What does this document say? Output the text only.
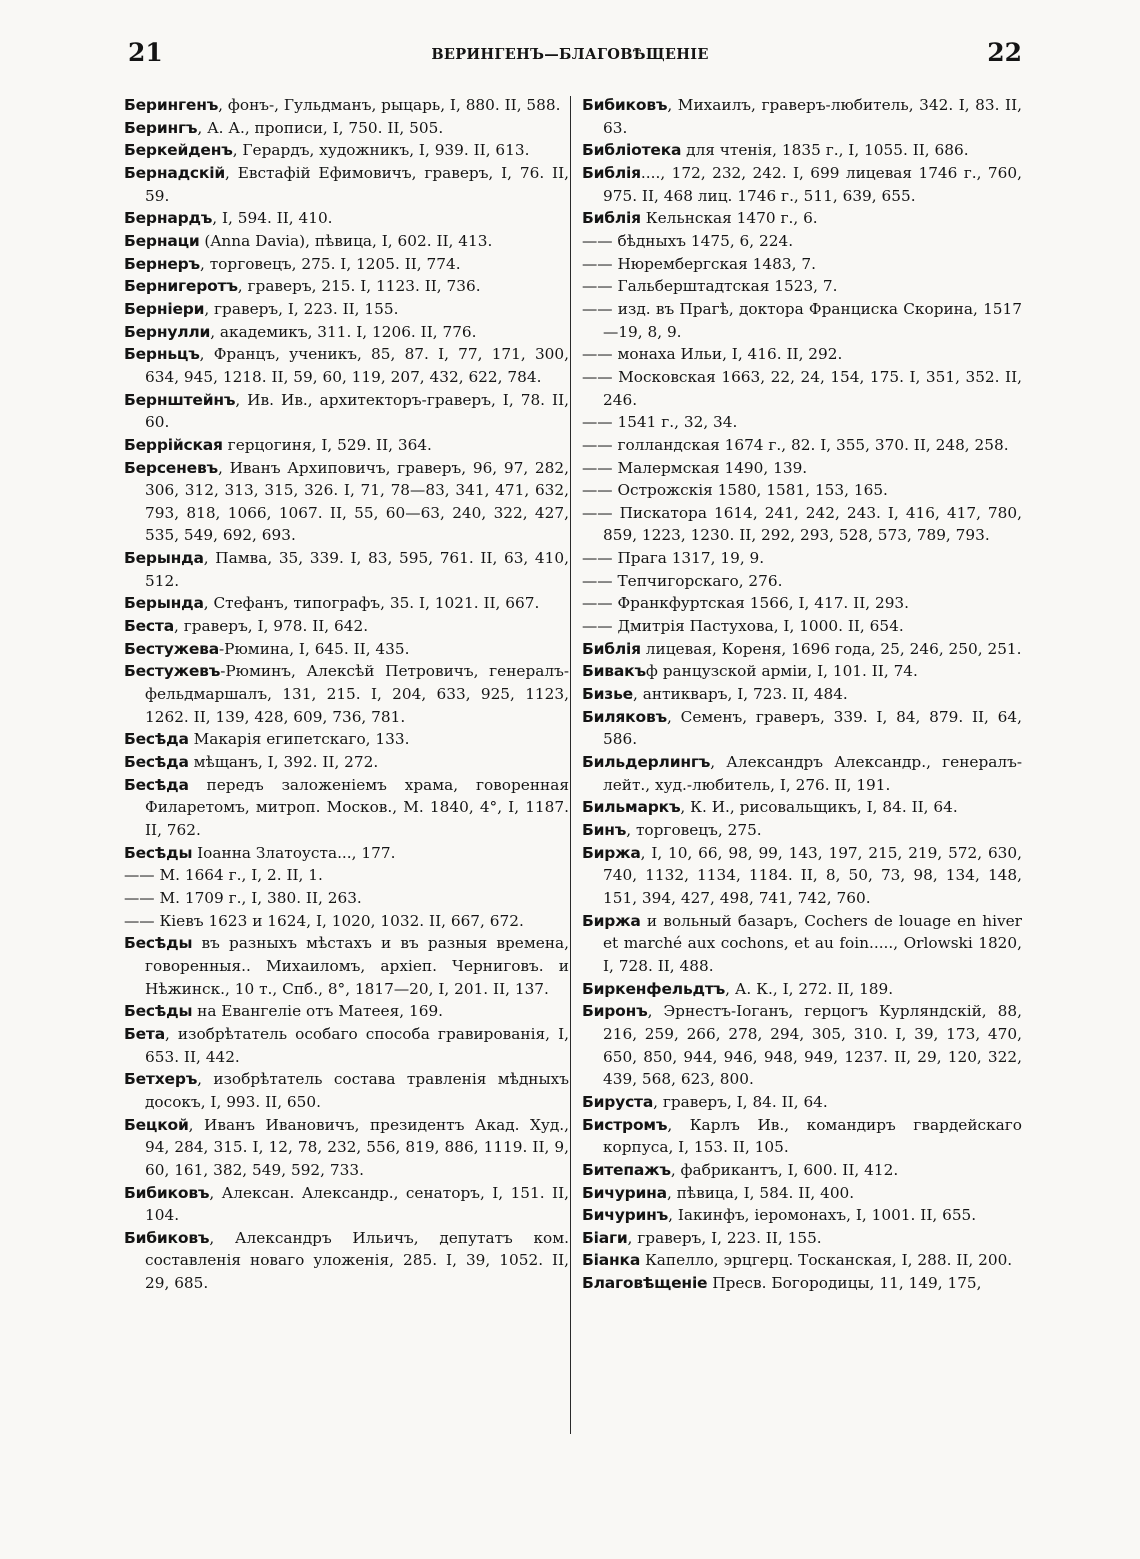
21	ВЕРИНГЕНЪ—БЛАГОВѢЩЕНІЕ	22
Берингенъ, фонъ-, Гульдманъ, рыцарь, I, 880. II, 588.
Берингъ, А. А., прописи, I, 750. II, 505.
Беркейденъ, Герардъ, художникъ, I, 939. II, 613.
Бернадскій, Евстафій Ефимовичъ, граверъ, I, 76. II, 59.
Бернардъ, I, 594. II, 410.
Бернаци (Anna Davia), пѣвица, I, 602. II, 413.
Бернеръ, торговецъ, 275. I, 1205. II, 774.
Бернигеротъ, граверъ, 215. I, 1123. II, 736.
Берніери, граверъ, I, 223. II, 155.
Бернулли, академикъ, 311. I, 1206. II, 776.
Берньцъ, Францъ, ученикъ, 85, 87. I, 77, 171, 300, 634, 945, 1218. II, 59, 60, 119, 207, 432, 622, 784.
Бернштейнъ, Ив. Ив., архитекторъ-граверъ, I, 78. II, 60.
Беррійская герцогиня, I, 529. II, 364.
Берсеневъ, Иванъ Архиповичъ, граверъ, 96, 97, 282, 306, 312, 313, 315, 326. I, 71, 78—83, 341, 471, 632, 793, 818, 1066, 1067. II, 55, 60—63, 240, 322, 427, 535, 549, 692, 693.
Берында, Памва, 35, 339. I, 83, 595, 761. II, 63, 410, 512.
Берында, Стефанъ, типографъ, 35. I, 1021. II, 667.
Беста, граверъ, I, 978. II, 642.
Бестужева-Рюмина, I, 645. II, 435.
Бестужевъ-Рюминъ, Алексѣй Петровичъ, генералъ-фельдмаршалъ, 131, 215. I, 204, 633, 925, 1123, 1262. II, 139, 428, 609, 736, 781.
Бесѣда Макарія египетскаго, 133.
Бесѣда мѣщанъ, I, 392. II, 272.
Бесѣда передъ заложеніемъ храма, говоренная Филаретомъ, митроп. Москов., М. 1840, 4°, I, 1187. II, 762.
Бесѣды Іоанна Златоуста..., 177.
—— М. 1664 г., I, 2. II, 1.
—— М. 1709 г., I, 380. II, 263.
—— Кіевъ 1623 и 1624, I, 1020, 1032. II, 667, 672.
Бесѣды въ разныхъ мѣстахъ и въ разныя времена, говоренныя.. Михаиломъ, архіеп. Черниговъ. и Нѣжинск., 10 т., Спб., 8°, 1817—20, I, 201. II, 137.
Бесѣды на Евангеліе отъ Матеея, 169.
Бета, изобрѣтатель особаго способа гравированія, I, 653. II, 442.
Бетхеръ, изобрѣтатель состава травленія мѣдныхъ досокъ, I, 993. II, 650.
Бецкой, Иванъ Ивановичъ, президентъ Акад. Худ., 94, 284, 315. I, 12, 78, 232, 556, 819, 886, 1119. II, 9, 60, 161, 382, 549, 592, 733.
Бибиковъ, Алексан. Александр., сенаторъ, I, 151. II, 104.
Бибиковъ, Александръ Ильичъ, депутатъ ком. составленія новаго уложенія, 285. I, 39, 1052. II, 29, 685.
Бибиковъ, Михаилъ, граверъ-любитель, 342. I, 83. II, 63.
Библіотека для чтенія, 1835 г., I, 1055. II, 686.
Библія...., 172, 232, 242. I, 699 лицевая 1746 г., 760, 975. II, 468 лиц. 1746 г., 511, 639, 655.
Библія Кельнская 1470 г., 6.
—— бѣдныхъ 1475, 6, 224.
—— Нюрембергская 1483, 7.
—— Гальберштадтская 1523, 7.
—— изд. въ Прагѣ, доктора Франциска Скорина, 1517—19, 8, 9.
—— монаха Ильи, I, 416. II, 292.
—— Московская 1663, 22, 24, 154, 175. I, 351, 352. II, 246.
—— 1541 г., 32, 34.
—— голландская 1674 г., 82. I, 355, 370. II, 248, 258.
—— Малермская 1490, 139.
—— Острожскія 1580, 1581, 153, 165.
—— Пискатора 1614, 241, 242, 243. I, 416, 417, 780, 859, 1223, 1230. II, 292, 293, 528, 573, 789, 793.
—— Прага 1317, 19, 9.
—— Тепчигорскаго, 276.
—— Франкфуртская 1566, I, 417. II, 293.
—— Дмитрія Пастухова, I, 1000. II, 654.
Библія лицевая, Кореня, 1696 года, 25, 246, 250, 251.
Бивакъф ранцузской арміи, I, 101. II, 74.
Бизье, антикваръ, I, 723. II, 484.
Биляковъ, Семенъ, граверъ, 339. I, 84, 879. II, 64, 586.
Бильдерлингъ, Александръ Александр., генералъ-лейт., худ.-любитель, I, 276. II, 191.
Бильмаркъ, К. И., рисовальщикъ, I, 84. II, 64.
Бинъ, торговецъ, 275.
Биржа, I, 10, 66, 98, 99, 143, 197, 215, 219, 572, 630, 740, 1132, 1134, 1184. II, 8, 50, 73, 98, 134, 148, 151, 394, 427, 498, 741, 742, 760.
Биржа и вольный базаръ, Cochers de louage en hiver et marché aux cochons, et au foin....., Orlowski 1820, I, 728. II, 488.
Биркенфельдтъ, А. К., I, 272. II, 189.
Биронъ, Эрнестъ-Іоганъ, герцогъ Курляндскій, 88, 216, 259, 266, 278, 294, 305, 310. I, 39, 173, 470, 650, 850, 944, 946, 948, 949, 1237. II, 29, 120, 322, 439, 568, 623, 800.
Бируста, граверъ, I, 84. II, 64.
Бистромъ, Карлъ Ив., командиръ гвардейскаго корпуса, I, 153. II, 105.
Битепажъ, фабрикантъ, I, 600. II, 412.
Бичурина, пѣвица, I, 584. II, 400.
Бичуринъ, Іакинфъ, іеромонахъ, I, 1001. II, 655.
Біаги, граверъ, I, 223. II, 155.
Біанка Капелло, эрцгерц. Тосканская, I, 288. II, 200.
Благовѣщеніе Пресв. Богородицы, 11, 149, 175,
